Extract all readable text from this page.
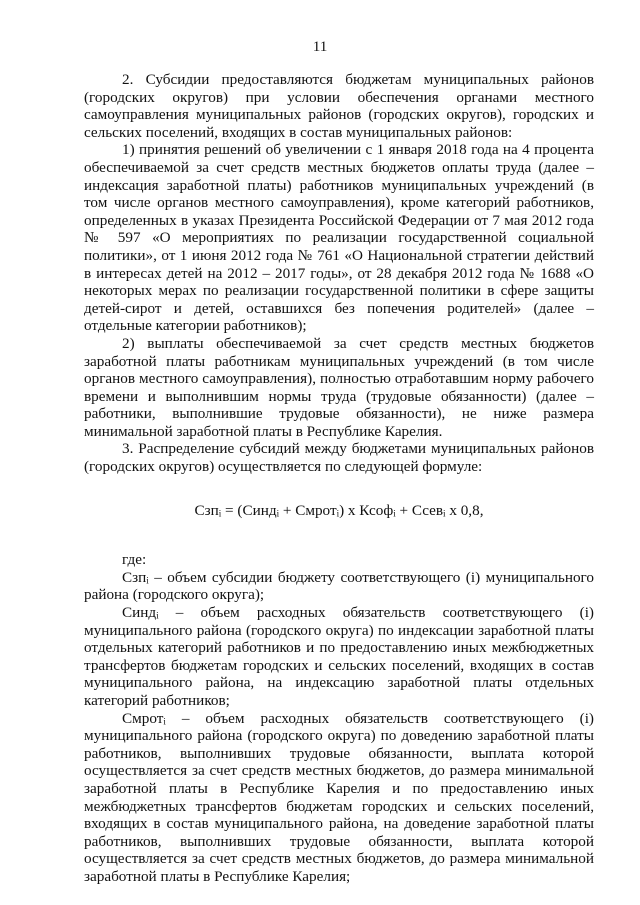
11

2. Субсидии предоставляются бюджетам муниципальных районов (городских округов) при условии обеспечения органами местного самоуправления муниципальных районов (городских округов), городских и сельских поселений, входящих в состав муниципальных районов:

1) принятия решений об увеличении с 1 января 2018 года на 4 процента обеспечиваемой за счет средств местных бюджетов оплаты труда (далее – индексация заработной платы) работников муниципальных учреждений (в том числе органов местного самоуправления), кроме категорий работников, определенных в указах Президента Российской Федерации от 7 мая 2012 года № 597 «О мероприятиях по реализации государственной социальной политики», от 1 июня 2012 года № 761 «О Национальной стратегии действий в интересах детей на 2012 – 2017 годы», от 28 декабря 2012 года № 1688 «О некоторых мерах по реализации государственной политики в сфере защиты детей-сирот и детей, оставшихся без попечения родителей» (далее – отдельные категории работников);

2) выплаты обеспечиваемой за счет средств местных бюджетов заработной платы работникам муниципальных учреждений (в том числе органов местного самоуправления), полностью отработавшим норму рабочего времени и выполнившим нормы труда (трудовые обязанности) (далее – работники, выполнившие трудовые обязанности), не ниже размера минимальной заработной платы в Республике Карелия.

3. Распределение субсидий между бюджетами муниципальных районов (городских округов) осуществляется по следующей формуле:

Сзпᵢ = (Синдᵢ + Смротᵢ) х Ксофᵢ + Ссевᵢ х 0,8,

где:

Сзпᵢ – объем субсидии бюджету соответствующего (i) муниципального района (городского округа);

Синдᵢ – объем расходных обязательств соответствующего (i) муниципального района (городского округа) по индексации заработной платы отдельных категорий работников и по предоставлению иных межбюджетных трансфертов бюджетам городских и сельских поселений, входящих в состав муниципального района, на индексацию заработной платы отдельных категорий работников;

Смротᵢ – объем расходных обязательств соответствующего (i) муниципального района (городского округа) по доведению заработной платы работников, выполнивших трудовые обязанности, выплата которой осуществляется за счет средств местных бюджетов, до размера минимальной заработной платы в Республике Карелия и по предоставлению иных межбюджетных трансфертов бюджетам городских и сельских поселений, входящих в состав муниципального района, на доведение заработной платы работников, выполнивших трудовые обязанности, выплата которой осуществляется за счет средств местных бюджетов, до размера минимальной заработной платы в Республике Карелия;
